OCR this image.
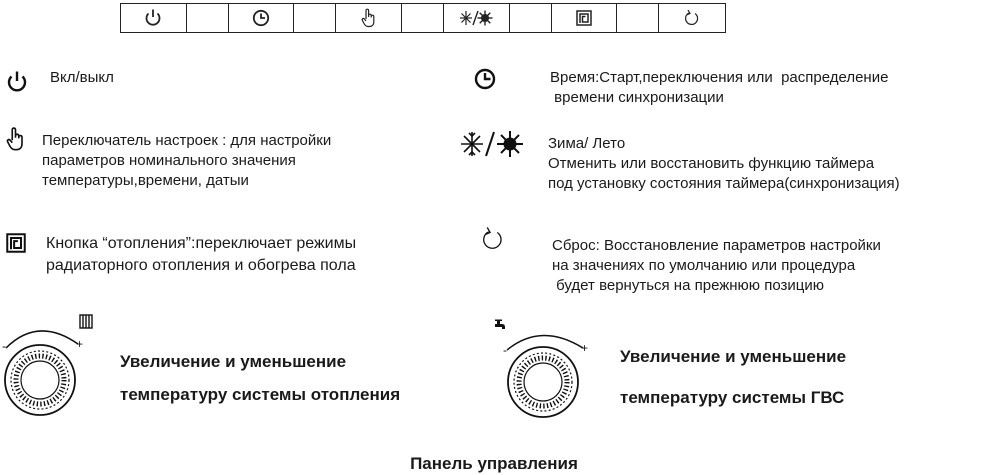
Вкл/выкл	Время:Старт,переключения или  распределение
времени синхронизации
Переключатель настроек : для настройки
параметров номинального значения
температуры,времени, датыи
Зима/ Лето
Отменить или восстановить функцию таймера
под установку состояния таймера(синхронизация)
Кнопка “отопления”:переключает режимы
радиаторного отопления и обогрева пола
Сброс: Восстановление параметров настройки
на значениях по умолчанию или процедура
будет вернуться на прежнюю позицию
-	+
Увеличение и уменьшение
температуру системы отопления
-	+ Увеличение и уменьшение
температуру системы ГВС
Панель управления
